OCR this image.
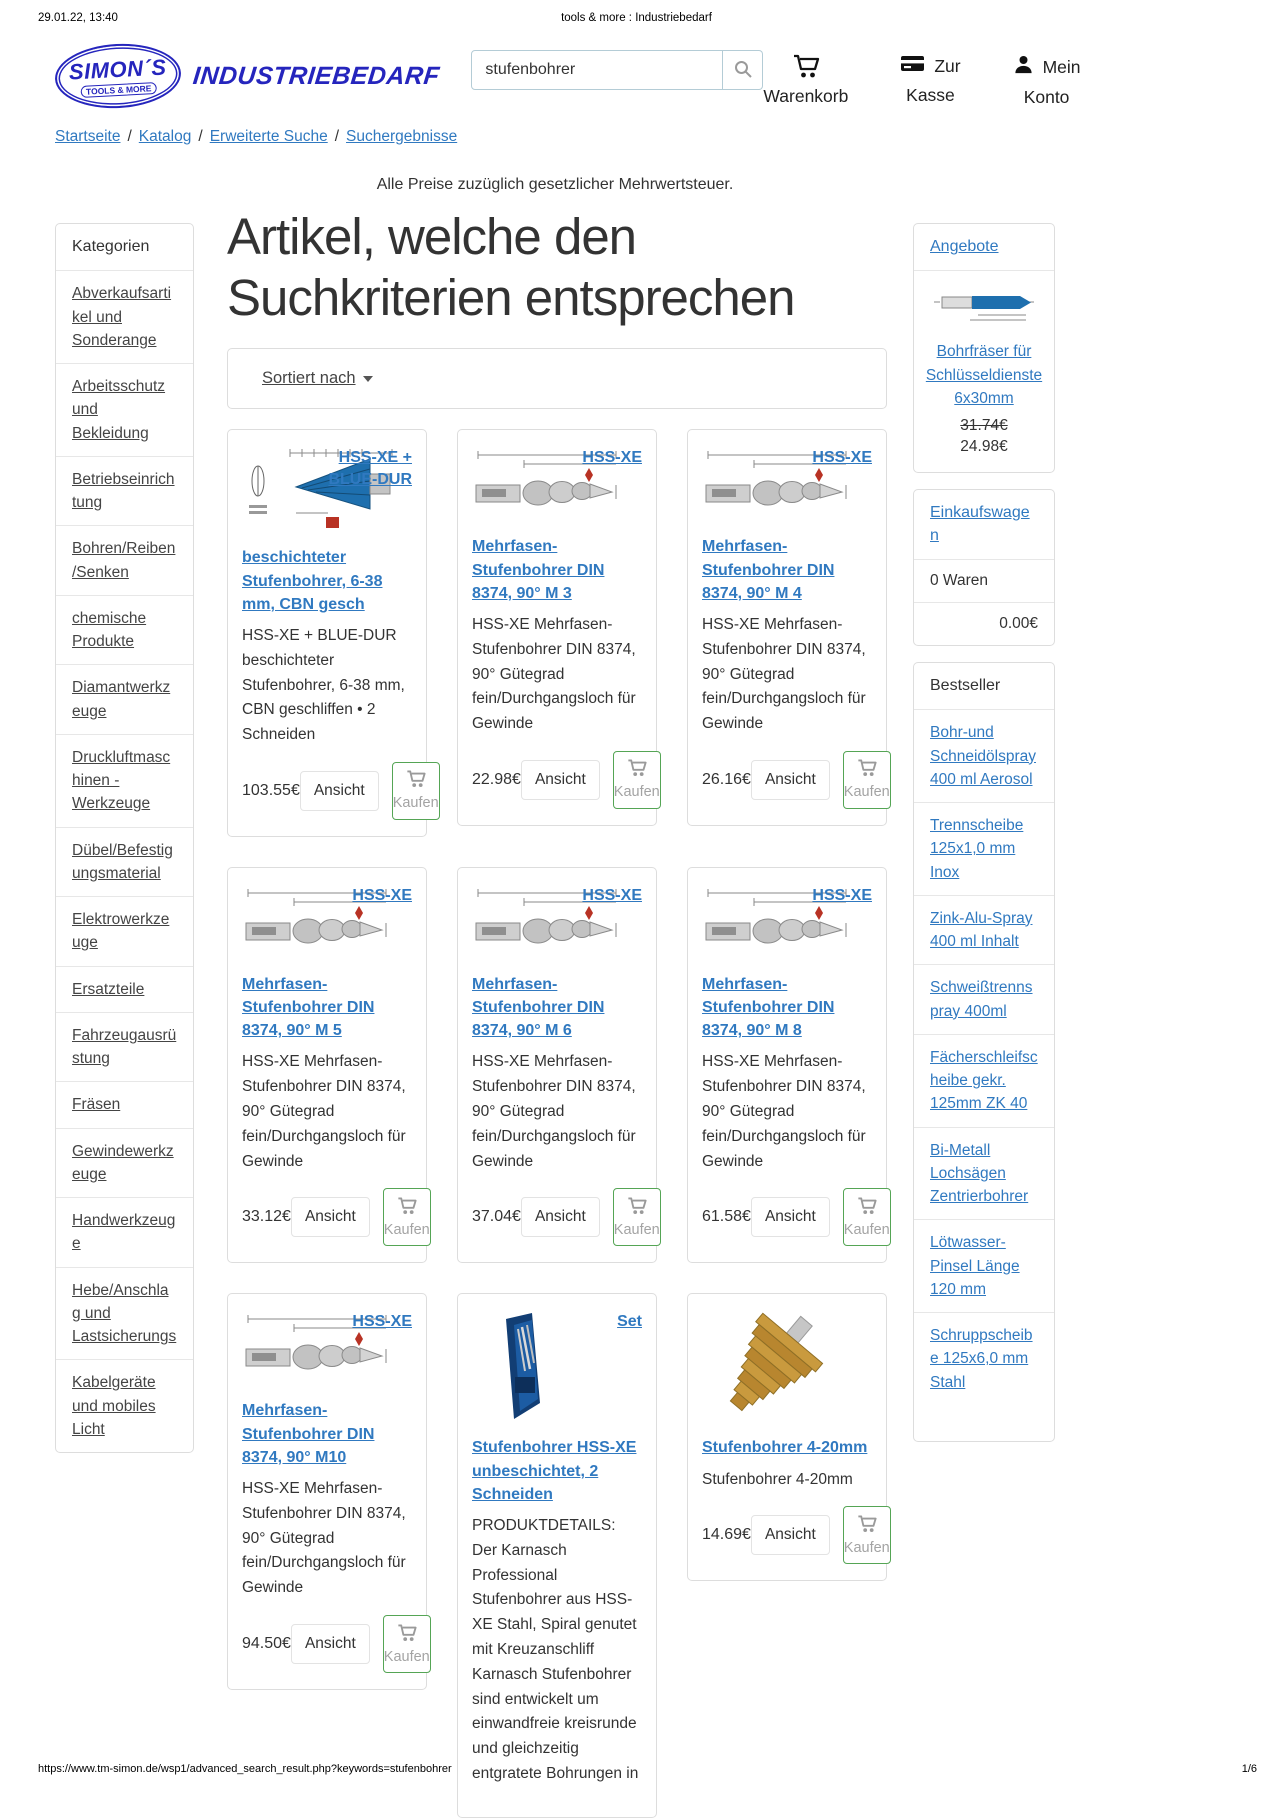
29.01.22, 13:40	tools & more : Industriebedarf
SIMON´S
TOOLS & MORE INDUSTRIEBEDARF
stufenbohrer
Warenkorb
Zur
Kasse
Mein
Konto
Startseite / Katalog / Erweiterte Suche / Suchergebnisse

Alle Preise zuzüglich gesetzlicher Mehrwertsteuer.

Kategorien
Abverkaufsartikel und Sonderange
Arbeitsschutz und Bekleidung
Betriebseinrichtung
Bohren/Reiben/Senken
chemische Produkte
Diamantwerkzeuge
Druckluftmaschinen - Werkzeuge
Dübel/Befestigungsmaterial
Elektrowerkzeuge
Ersatzteile
Fahrzeugausrüstung
Fräsen
Gewindewerkzeuge
Handwerkzeuge
Hebe/Anschlag und Lastsicherungs
Kabelgeräte und mobiles Licht
Artikel, welche den Suchkriterien entsprechen
Sortiert nach
HSS-XE + BLUE-DUR
beschichteter Stufenbohrer, 6-38 mm, CBN gesch

HSS-XE + BLUE-DUR beschichteter Stufenbohrer, 6-38 mm, CBN geschliffen • 2 Schneiden

103.55€ Ansicht
Kaufen
HSS-XE
Mehrfasen-Stufenbohrer DIN 8374, 90° M 3

HSS-XE Mehrfasen-Stufenbohrer DIN 8374, 90° Gütegrad fein/Durchgangsloch für Gewinde

22.98€ Ansicht
Kaufen
HSS-XE
Mehrfasen-Stufenbohrer DIN 8374, 90° M 4

HSS-XE Mehrfasen-Stufenbohrer DIN 8374, 90° Gütegrad fein/Durchgangsloch für Gewinde

26.16€ Ansicht
Kaufen
HSS-XE
Mehrfasen-Stufenbohrer DIN 8374, 90° M 5

HSS-XE Mehrfasen-Stufenbohrer DIN 8374, 90° Gütegrad fein/Durchgangsloch für Gewinde

33.12€ Ansicht
Kaufen
HSS-XE
Mehrfasen-Stufenbohrer DIN 8374, 90° M 6

HSS-XE Mehrfasen-Stufenbohrer DIN 8374, 90° Gütegrad fein/Durchgangsloch für Gewinde

37.04€ Ansicht
Kaufen
HSS-XE
Mehrfasen-Stufenbohrer DIN 8374, 90° M 8

HSS-XE Mehrfasen-Stufenbohrer DIN 8374, 90° Gütegrad fein/Durchgangsloch für Gewinde

61.58€ Ansicht
Kaufen
HSS-XE
Mehrfasen-Stufenbohrer DIN 8374, 90° M10

HSS-XE Mehrfasen-Stufenbohrer DIN 8374, 90° Gütegrad fein/Durchgangsloch für Gewinde

94.50€ Ansicht
Kaufen
Set
Stufenbohrer HSS-XE unbeschichtet, 2 Schneiden

PRODUKTDETAILS: Der Karnasch Professional Stufenbohrer aus HSS-XE Stahl, Spiral genutet mit Kreuzanschliff Karnasch Stufenbohrer sind entwickelt um einwandfreie kreisrunde und gleichzeitig entgratete Bohrungen in

Stufenbohrer 4-20mm

Stufenbohrer 4-20mm

14.69€ Ansicht
Kaufen
Angebote
Bohrfräser für Schlüsseldienste 6x30mm
31.74€
24.98€
Einkaufswagen
0 Waren
0.00€
Bestseller
Bohr-und Schneidölspray 400 ml Aerosol
Trennscheibe 125x1,0 mm Inox
Zink-Alu-Spray 400 ml Inhalt
Schweißtrennspray 400ml
Fächerschleifscheibe gekr. 125mm ZK 40
Bi-Metall Lochsägen Zentrierbohrer
Lötwasser-Pinsel Länge 120 mm
Schruppscheibe 125x6,0 mm Stahl
https://www.tm-simon.de/wsp1/advanced_search_result.php?keywords=stufenbohrer	1/6
